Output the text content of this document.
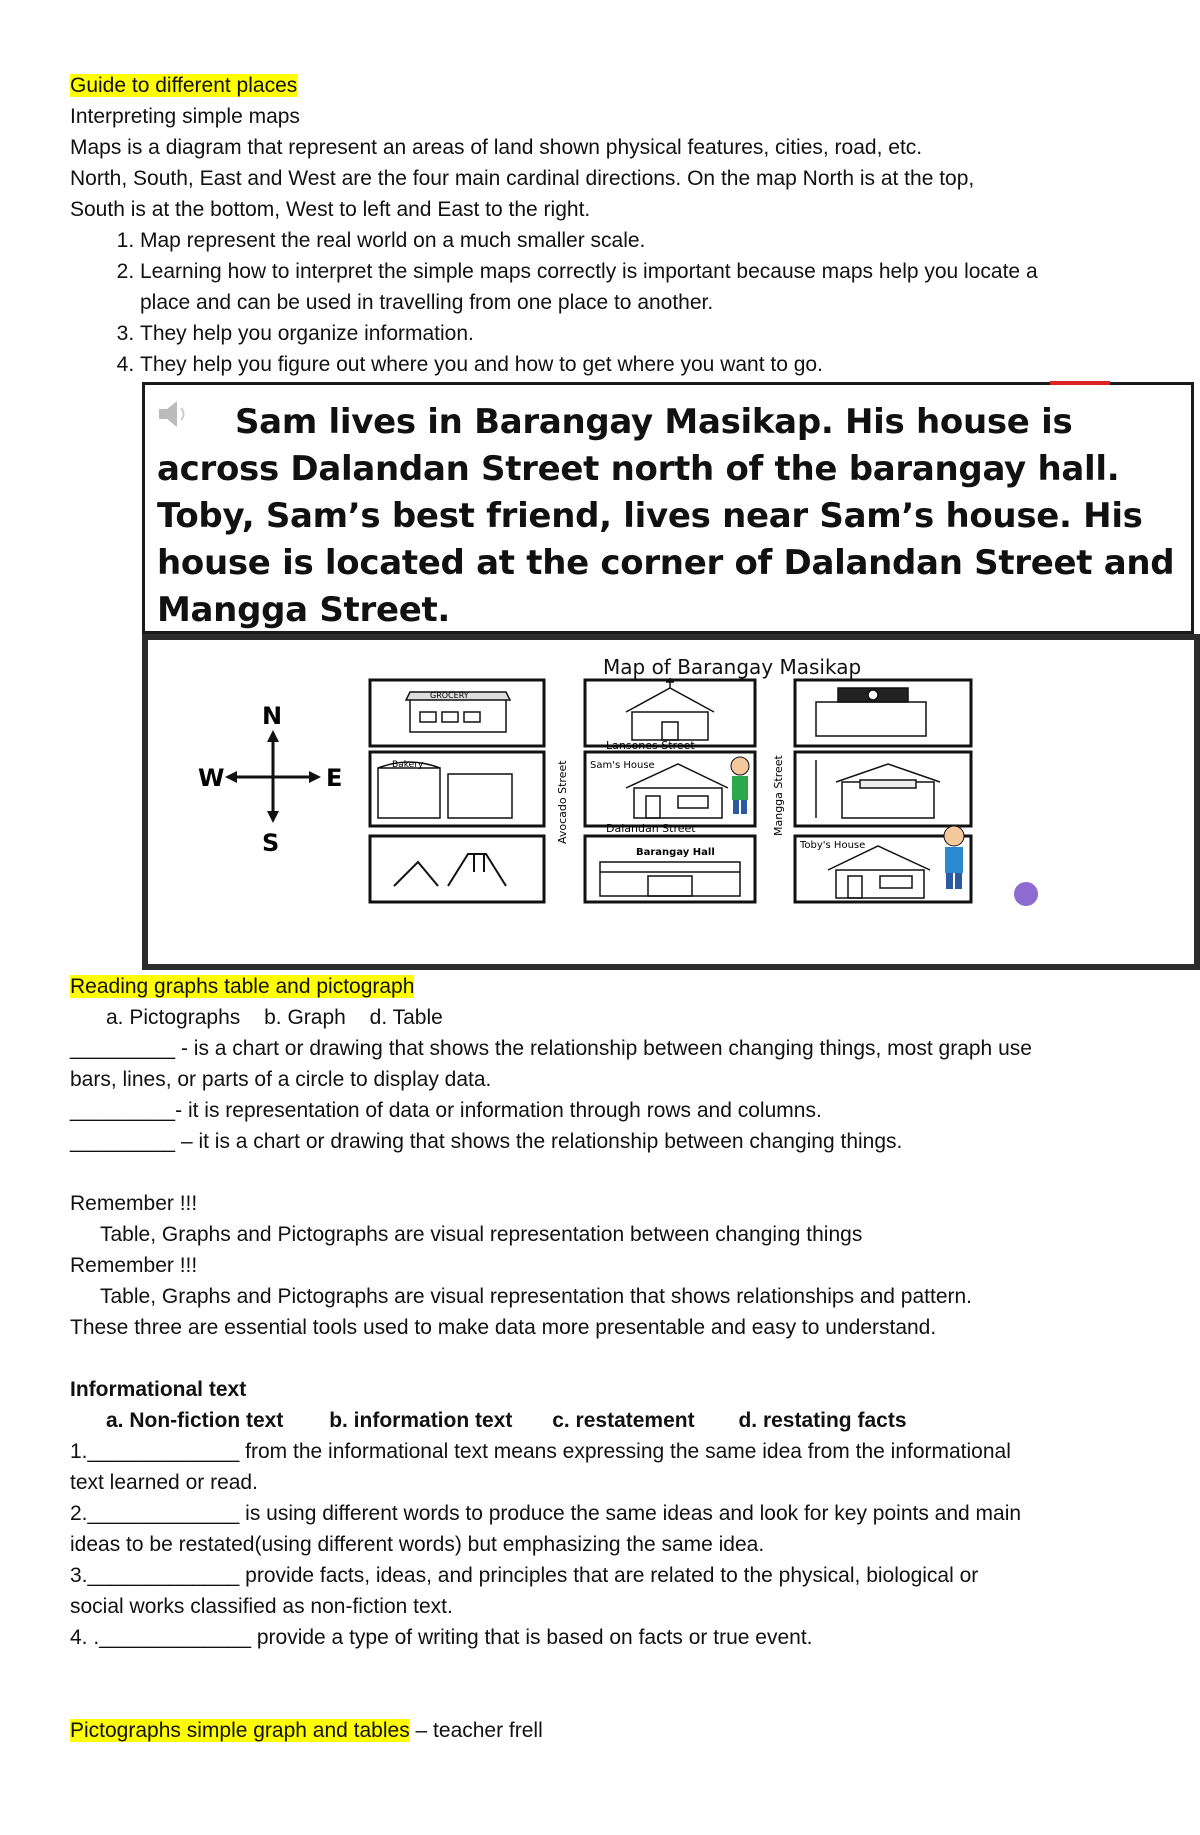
Guide to different places
Interpreting simple maps
Maps is a diagram that represent an areas of land shown physical features, cities, road, etc.
North, South, East and West are the four main cardinal directions. On the map North is at the top,
South is at the bottom, West to left and East to the right.
1. Map represent the real world on a much smaller scale.
2. Learning how to interpret the simple maps correctly is important because maps help you locate a place and can be used in travelling from one place to another.
3. They help you organize information.
4. They help you figure out where you and how to get where you want to go.
Reading graphs table and pictograph
a. Pictographs b. Graph d. Table
_________ - is a chart or drawing that shows the relationship between changing things, most graph use
bars, lines, or parts of a circle to display data.
_________- it is representation of data or information through rows and columns.
_________ – it is a chart or drawing that shows the relationship between changing things.
Remember !!!
Table, Graphs and Pictographs are visual representation between changing things
Remember !!!
Table, Graphs and Pictographs are visual representation that shows relationships and pattern.
These three are essential tools used to make data more presentable and easy to understand.
Informational text
a. Non-fiction text b. information text c. restatement d. restating facts
1._____________ from the informational text means expressing the same idea from the informational
text learned or read.
2._____________ is using different words to produce the same ideas and look for key points and main
ideas to be restated(using different words) but emphasizing the same idea.
3._____________ provide facts, ideas, and principles that are related to the physical, biological or
social works classified as non-fiction text.
4. ._____________ provide a type of writing that is based on facts or true event.
Pictographs simple graph and tables – teacher frell
Sam lives in Barangay Masikap. His house is across Dalandan Street north of the barangay hall. Toby, Sam’s best friend, lives near Sam’s house. His house is located at the corner of Dalandan Street and Mangga Street.
Map of Barangay Masikap
N
S
W	E
GROCERY
Bakery	Sam's House
Barangay Hall
Toby's House
Lansones Street
Dalandan Street
Avocado Street	Mangga Street
